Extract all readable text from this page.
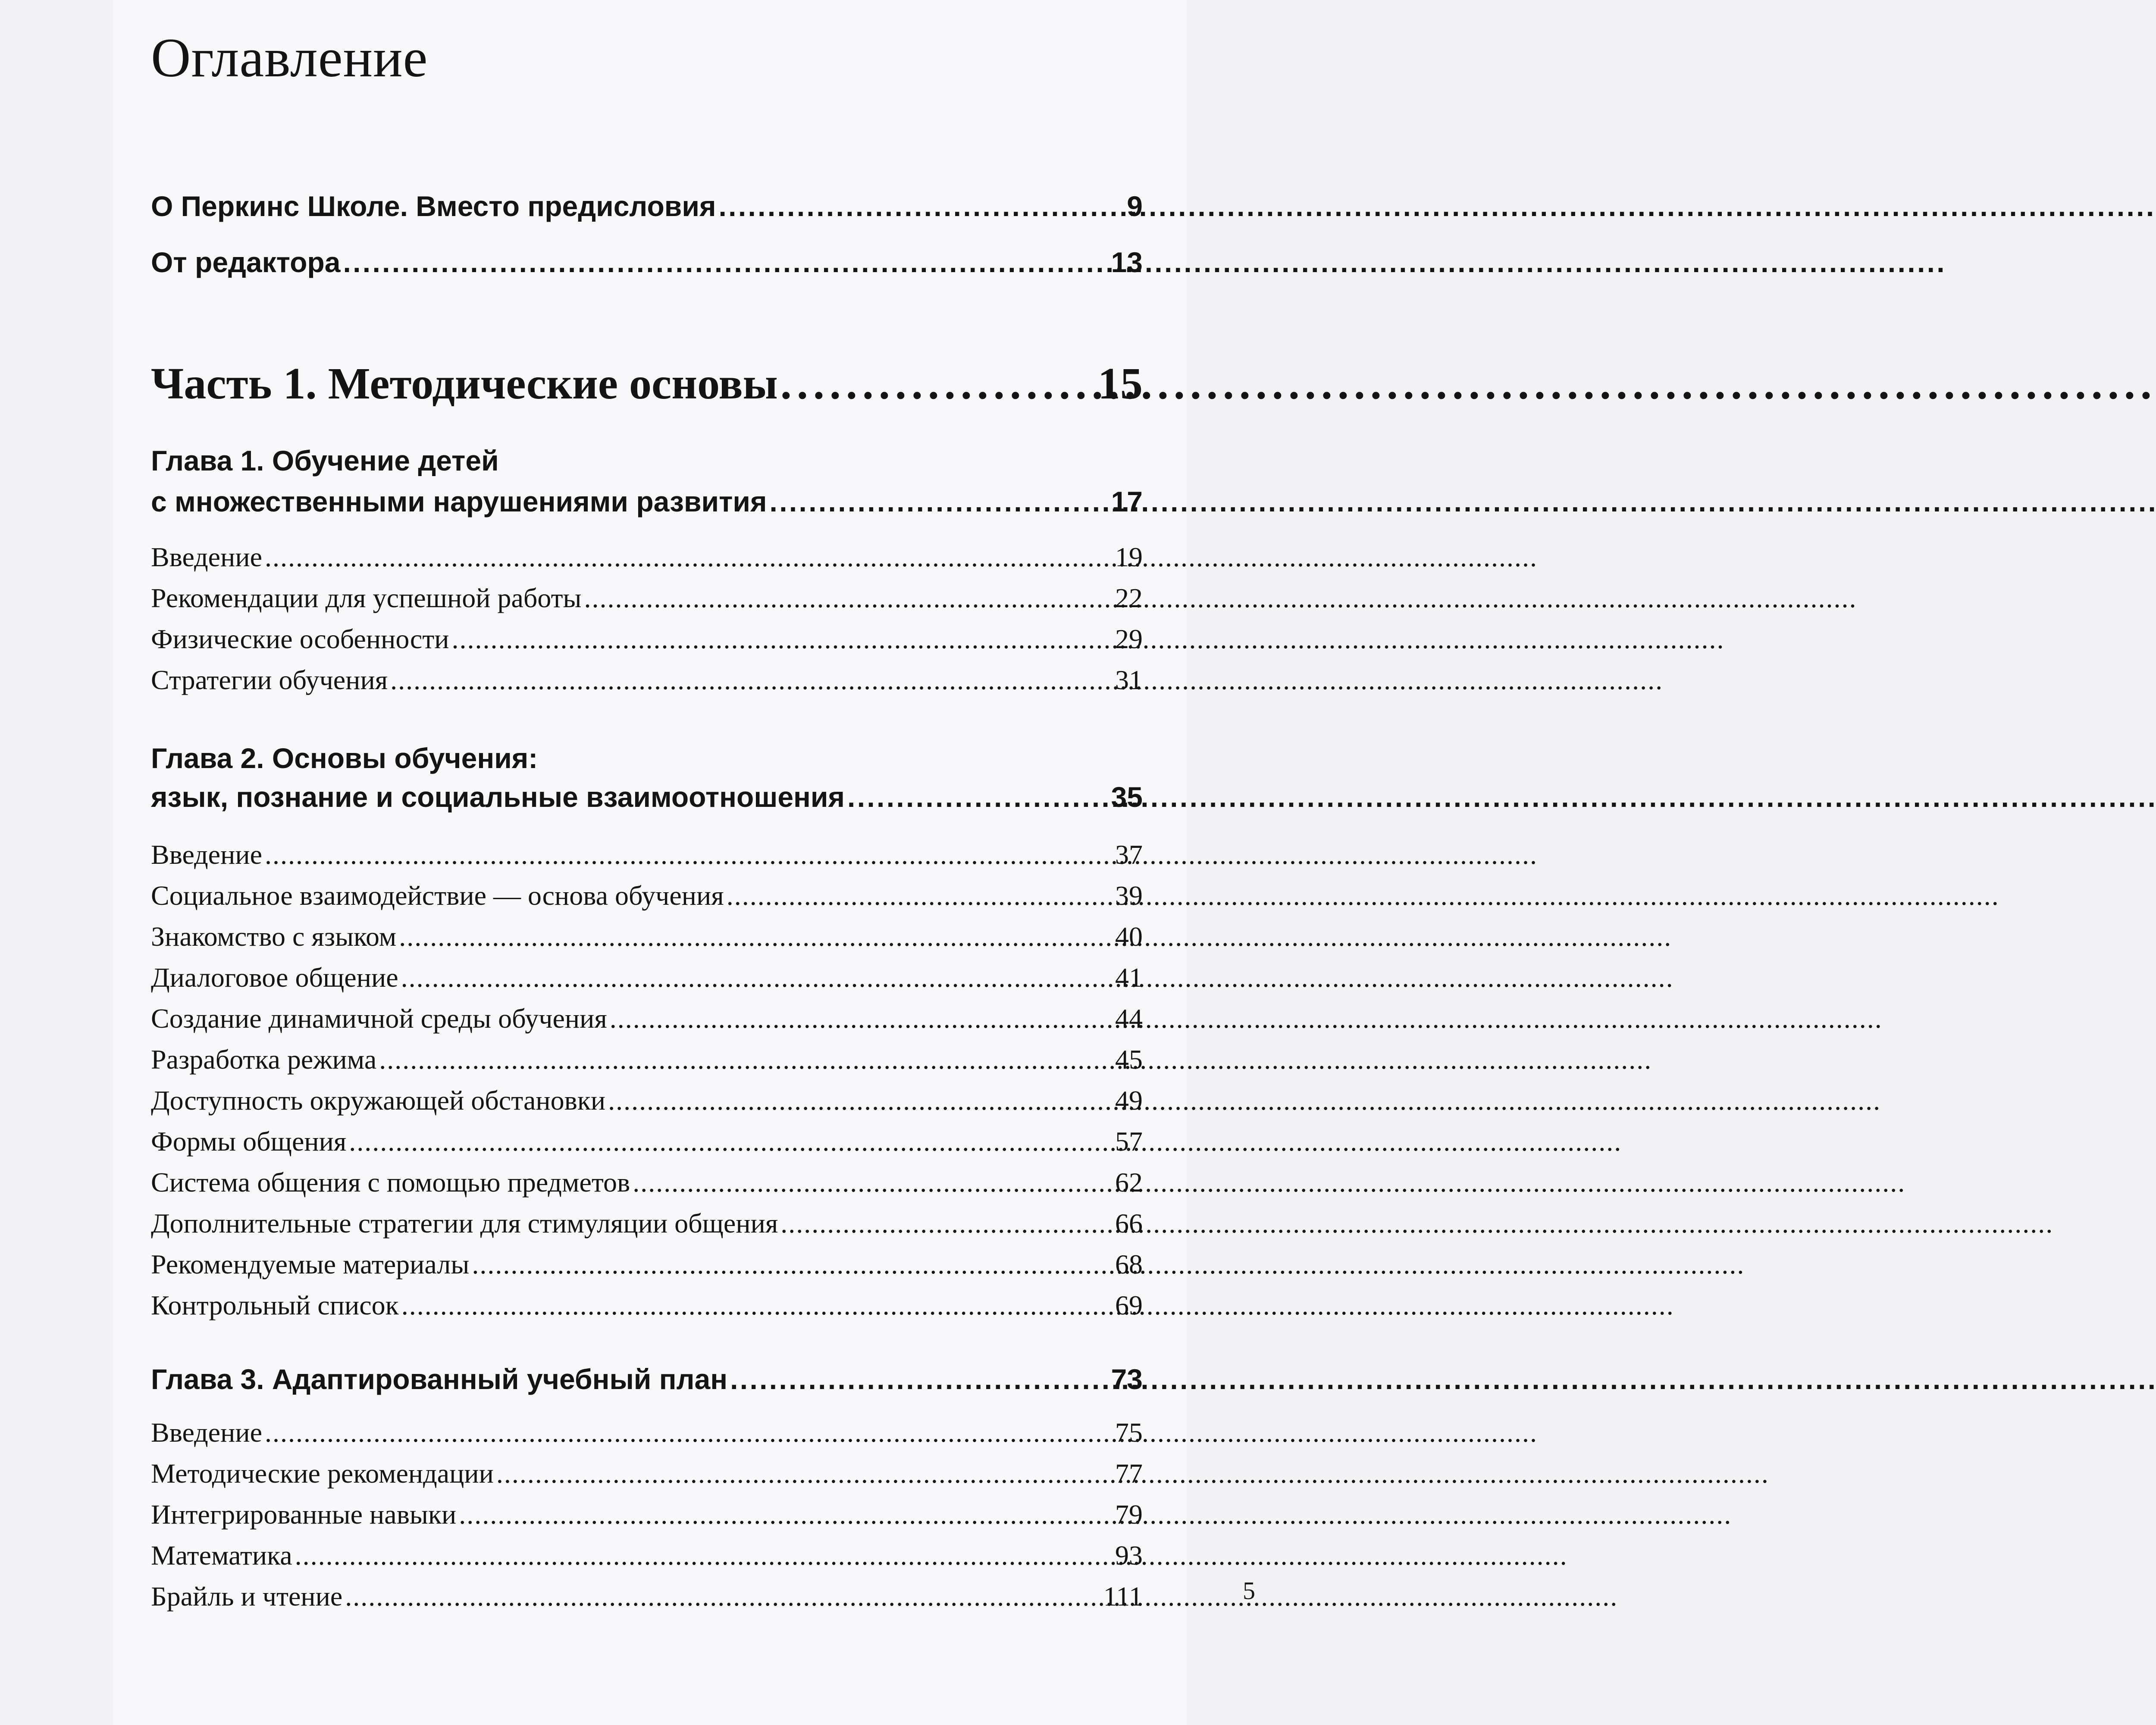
Оглавление
О Перкинс Школе. Вместо предисловия . . .	9
От редактора . . .	13
Часть 1. Методические основы . . .	15
Глава 1. Обучение детей
с множественными нарушениями развития . . .	17
Введение . . .	19
Рекомендации для успешной работы . . .	22
Физические особенности . . .	29
Стратегии обучения . . .	31
Глава 2. Основы обучения:
язык, познание и социальные взаимоотношения . . .	35
Введение . . .	37
Социальное взаимодействие — основа обучения . . .	39
Знакомство с языком . . .	40
Диалоговое общение . . .	41
Создание динамичной среды обучения . . .	44
Разработка режима . . .	45
Доступность окружающей обстановки . . .	49
Формы общения . . .	57
Система общения с помощью предметов . . .	62
Дополнительные стратегии для стимуляции общения . . .	66
Рекомендуемые материалы . . .	68
Контрольный список . . .	69
Глава 3. Адаптированный учебный план . . .	73
Введение . . .	75
Методические рекомендации . . .	77
Интегрированные навыки . . .	79
Математика . . .	93
Брайль и чтение . . .	111	5
